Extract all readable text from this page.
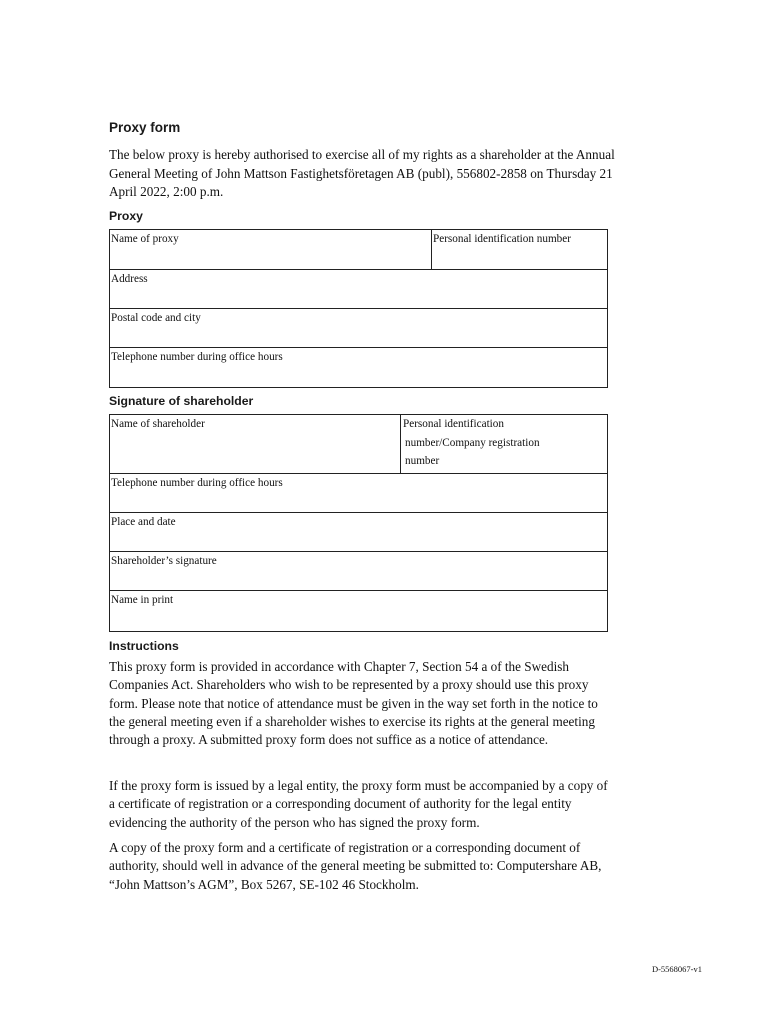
Proxy form
The below proxy is hereby authorised to exercise all of my rights as a shareholder at the Annual General Meeting of John Mattson Fastighetsföretagen AB (publ), 556802-2858 on Thursday 21 April 2022, 2:00 p.m.
Proxy
Name of proxy	Personal identification number
Address
Postal code and city
Telephone number during office hours
Signature of shareholder
Name of shareholder	Personal identification
number/Company registration
number
Telephone number during office hours
Place and date
Shareholder’s signature
Name in print
Instructions
This proxy form is provided in accordance with Chapter 7, Section 54 a of the Swedish Companies Act. Shareholders who wish to be represented by a proxy should use this proxy form. Please note that notice of attendance must be given in the way set forth in the notice to the general meeting even if a shareholder wishes to exercise its rights at the general meeting through a proxy. A submitted proxy form does not suffice as a notice of attendance.
If the proxy form is issued by a legal entity, the proxy form must be accompanied by a copy of a certificate of registration or a corresponding document of authority for the legal entity evidencing the authority of the person who has signed the proxy form.
A copy of the proxy form and a certificate of registration or a corresponding document of authority, should well in advance of the general meeting be submitted to: Computershare AB, “John Mattson’s AGM”, Box 5267, SE-102 46 Stockholm.
D-5568067-v1
